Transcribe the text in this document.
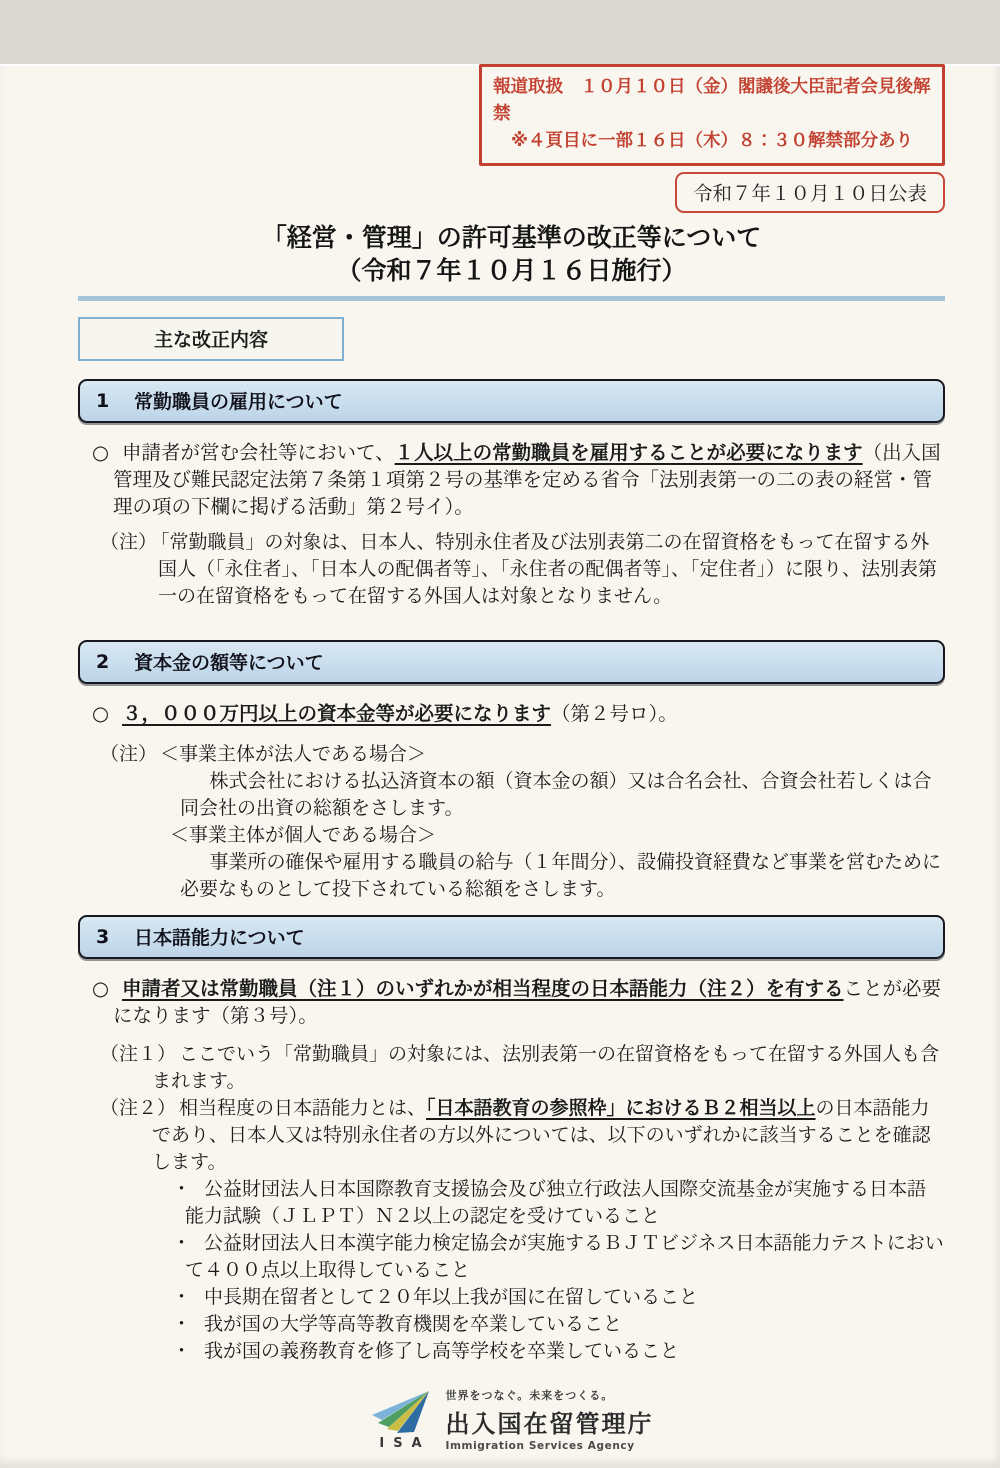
報道取扱　１０月１０日（金）閣議後大臣記者会見後解禁
※４頁目に一部１６日（木）８：３０解禁部分あり
令和７年１０月１０日公表
「経営・管理」の許可基準の改正等について
（令和７年１０月１６日施行）
主な改正内容
1 常勤職員の雇用について
○ 申請者が営む会社等において、１人以上の常勤職員を雇用することが必要になります（出入国管理及び難民認定法第７条第１項第２号の基準を定める省令「法別表第一の二の表の経営・管理の項の下欄に掲げる活動」第２号イ）。
（注） 「常勤職員」の対象は、日本人、特別永住者及び法別表第二の在留資格をもって在留する外国人（「永住者」、「日本人の配偶者等」、「永住者の配偶者等」、「定住者」）に限り、法別表第一の在留資格をもって在留する外国人は対象となりません。
2 資本金の額等について
○ ３，０００万円以上の資本金等が必要になります（第２号ロ）。
（注） ＜事業主体が法人である場合＞
株式会社における払込済資本の額（資本金の額）又は合名会社、合資会社若しくは合同会社の出資の総額をさします。
＜事業主体が個人である場合＞
事業所の確保や雇用する職員の給与（１年間分）、設備投資経費など事業を営むために必要なものとして投下されている総額をさします。
3 日本語能力について
○ 申請者又は常勤職員（注１）のいずれかが相当程度の日本語能力（注２）を有することが必要になります（第３号）。
（注１） ここでいう「常勤職員」の対象には、法別表第一の在留資格をもって在留する外国人も含まれます。
（注２） 相当程度の日本語能力とは、「日本語教育の参照枠」におけるＢ２相当以上の日本語能力であり、日本人又は特別永住者の方以外については、以下のいずれかに該当することを確認します。
・ 公益財団法人日本国際教育支援協会及び独立行政法人国際交流基金が実施する日本語能力試験（ＪＬＰＴ）Ｎ２以上の認定を受けていること
・ 公益財団法人日本漢字能力検定協会が実施するＢＪＴビジネス日本語能力テストにおいて４００点以上取得していること
・ 中長期在留者として２０年以上我が国に在留していること
・ 我が国の大学等高等教育機関を卒業していること
・ 我が国の義務教育を修了し高等学校を卒業していること
ISA
世界をつなぐ。未来をつくる。
出入国在留管理庁
Immigration Services Agency
